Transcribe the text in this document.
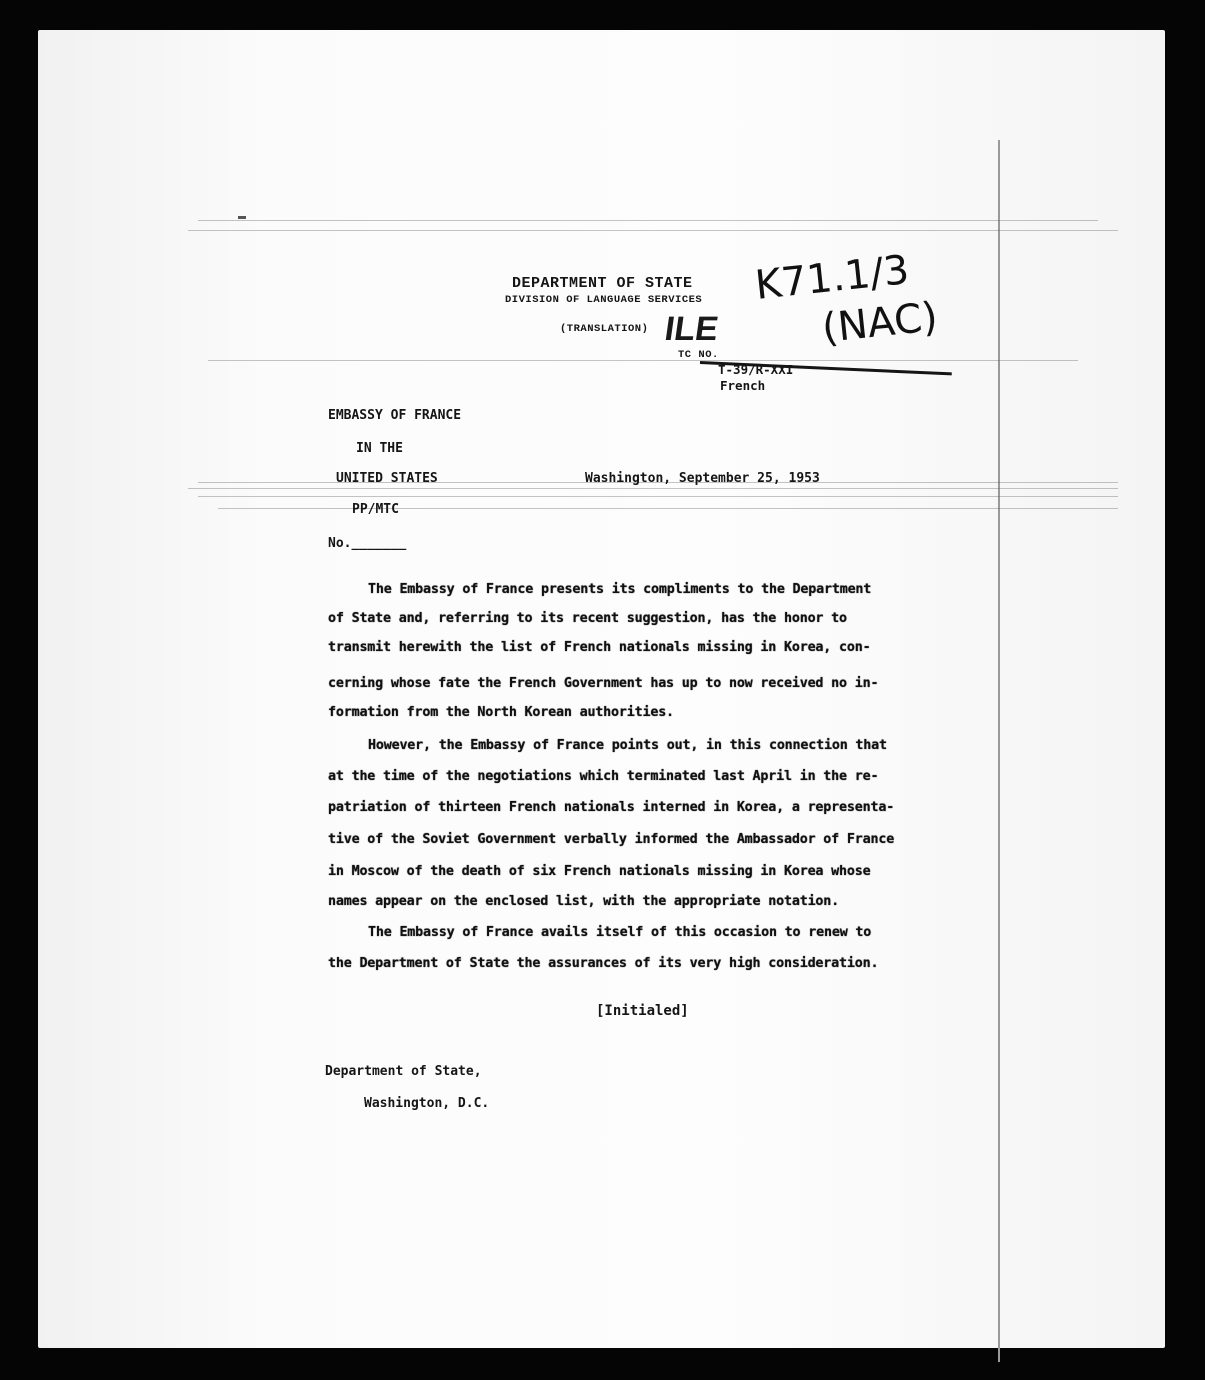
DEPARTMENT OF STATE
DIVISION OF LANGUAGE SERVICES
(TRANSLATION)
TC NO.
T-39/R-XXI
French
ILE
K71.1/3
(NAC)
EMBASSY OF FRANCE
IN THE
UNITED STATES
PP/MTC
No._______
Washington, September 25, 1953
The Embassy of France presents its compliments to the Department
of State and, referring to its recent suggestion, has the honor to
transmit herewith the list of French nationals missing in Korea, con-
cerning whose fate the French Government has up to now received no in-
formation from the North Korean authorities.
However, the Embassy of France points out, in this connection that
at the time of the negotiations which terminated last April in the re-
patriation of thirteen French nationals interned in Korea, a representa-
tive of the Soviet Government verbally informed the Ambassador of France
in Moscow of the death of six French nationals missing in Korea whose
names appear on the enclosed list, with the appropriate notation.
The Embassy of France avails itself of this occasion to renew to
the Department of State the assurances of its very high consideration.
[Initialed]
Department of State,
Washington, D.C.
